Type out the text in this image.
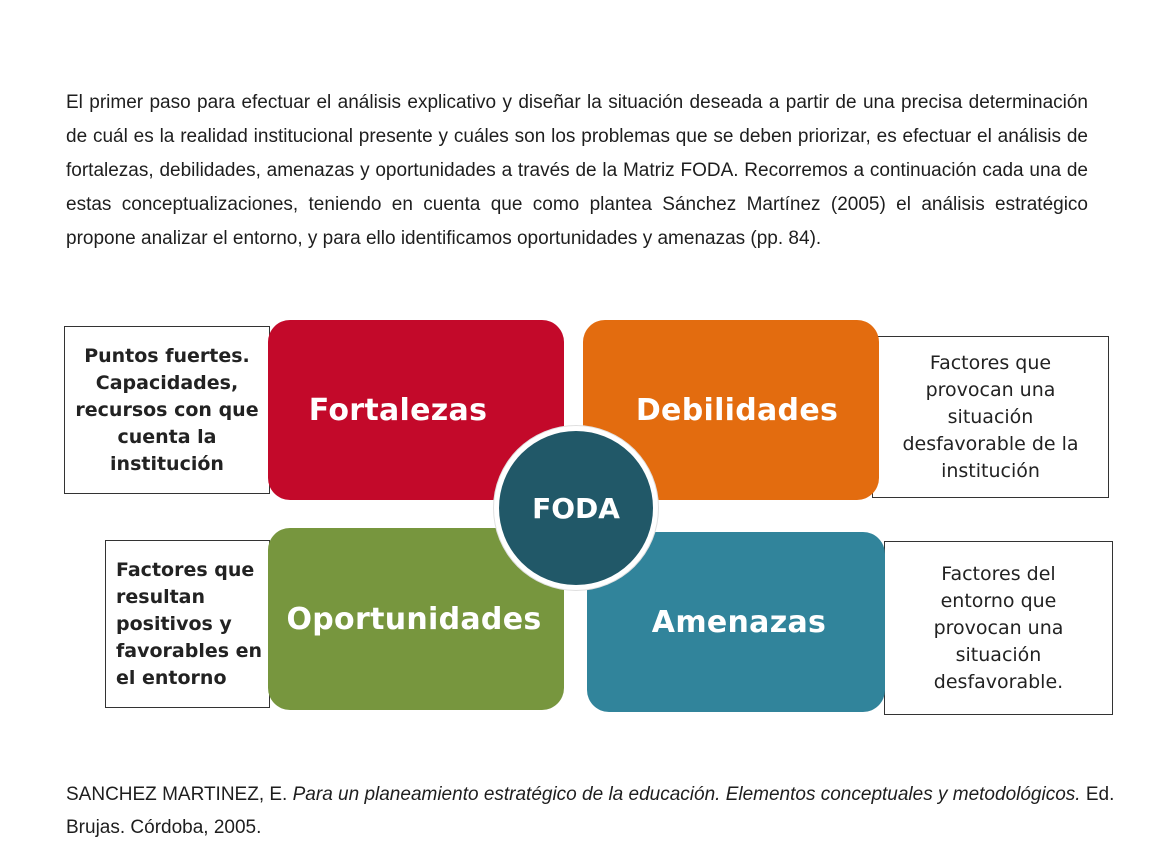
El primer paso para efectuar el análisis explicativo y diseñar la situación deseada a partir de una precisa determinación de cuál es la realidad institucional presente y cuáles son los problemas que se deben priorizar, es efectuar el análisis de fortalezas, debilidades, amenazas y oportunidades a través de la Matriz FODA. Recorremos a continuación cada una de estas conceptualizaciones, teniendo en cuenta que como plantea Sánchez Martínez (2005) el análisis estratégico propone analizar el entorno, y para ello identificamos oportunidades y amenazas (pp. 84).

Puntos fuertes.
Capacidades,
recursos con que
cuenta la
institución
Factores que
resultan
positivos y
favorables en
el entorno
Factores que
provocan una
situación
desfavorable de la
institución
Factores del
entorno que
provocan una
situación
desfavorable.
Fortalezas	Debilidades
Oportunidades	Amenazas
FODA

SANCHEZ MARTINEZ, E. Para un planeamiento estratégico de la educación. Elementos conceptuales y metodológicos. Ed. Brujas. Córdoba, 2005.
